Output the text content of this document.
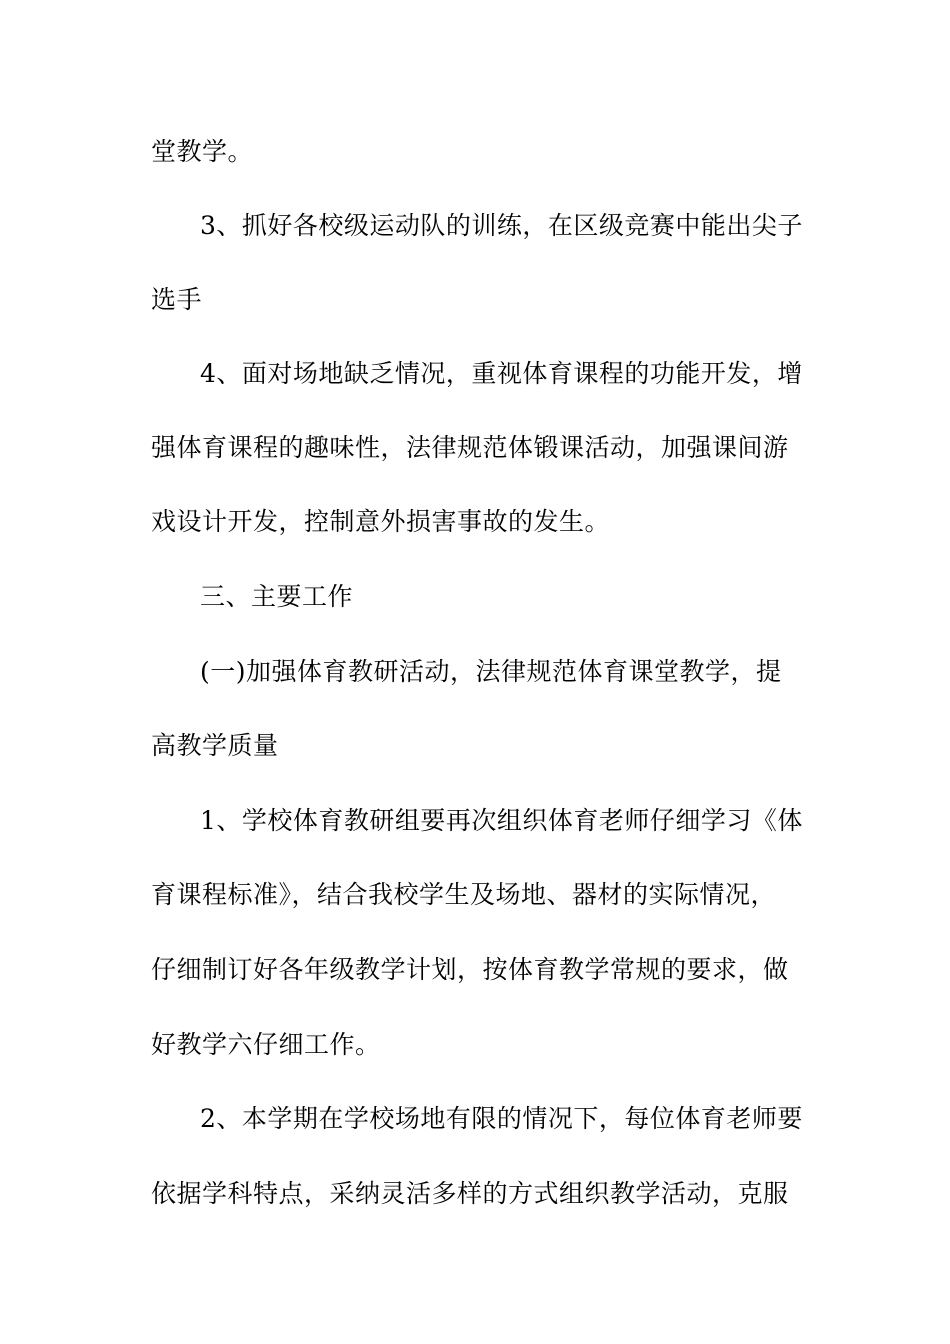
堂教学。
3、抓好各校级运动队的训练，在区级竞赛中能出尖子
选手
4、面对场地缺乏情况，重视体育课程的功能开发，增
强体育课程的趣味性，法律规范体锻课活动，加强课间游
戏设计开发，控制意外损害事故的发生。
三、主要工作
(一)加强体育教研活动，法律规范体育课堂教学，提
高教学质量
1、学校体育教研组要再次组织体育老师仔细学习《体
育课程标准》，结合我校学生及场地、器材的实际情况，
仔细制订好各年级教学计划，按体育教学常规的要求，做
好教学六仔细工作。
2、本学期在学校场地有限的情况下，每位体育老师要
依据学科特点，采纳灵活多样的方式组织教学活动，克服
